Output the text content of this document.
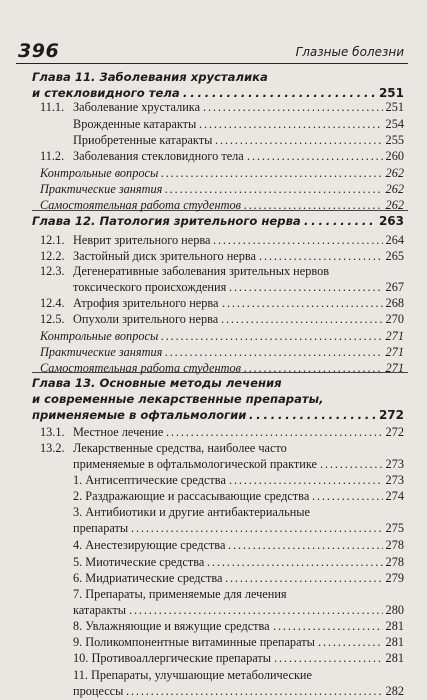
396	Глазные болезни
Глава 11. Заболевания хрусталика
и стекловидного тела	251
. . .
11.1. Заболевание хрусталика	251
. . .
Врожденные катаракты	254
. . .
Приобретенные катаракты	255
. . .
11.2. Заболевания стекловидного тела	260
. . .
Контрольные вопросы	262
. . .
Практические занятия	262
. . .
Самостоятельная работа студентов	262
. . .
Глава 12. Патология зрительного нерва	263
. . .
12.1. Неврит зрительного нерва	264
. . .
12.2. Застойный диск зрительного нерва	265
. . .
12.3. Дегенеративные заболевания зрительных нервов
токсического происхождения	267
. . .
12.4. Атрофия зрительного нерва	268
. . .
12.5. Опухоли зрительного нерва	270
. . .
Контрольные вопросы	271
. . .
Практические занятия	271
. . .
Самостоятельная работа студентов	271
. . .
Глава 13. Основные методы лечения
и современные лекарственные препараты,
применяемые в офтальмологии	272
. . .
13.1. Местное лечение	272
. . .
13.2. Лекарственные средства, наиболее часто
применяемые в офтальмологической практике	273
. . .
1. Антисептические средства	273
. . .
2. Раздражающие и рассасывающие средства	274
. . .
3. Антибиотики и другие антибактериальные
препараты	275
. . .
4. Анестезирующие средства	278
. . .
5. Миотические средства	278
. . .
6. Мидриатические средства	279
. . .
7. Препараты, применяемые для лечения
катаракты	280
. . .
8. Увлажняющие и вяжущие средства	281
. . .
9. Поликомпонентные витаминные препараты	281
. . .
10. Противоаллергические препараты	281
. . .
11. Препараты, улучшающие метаболические
процессы	282
. . .
